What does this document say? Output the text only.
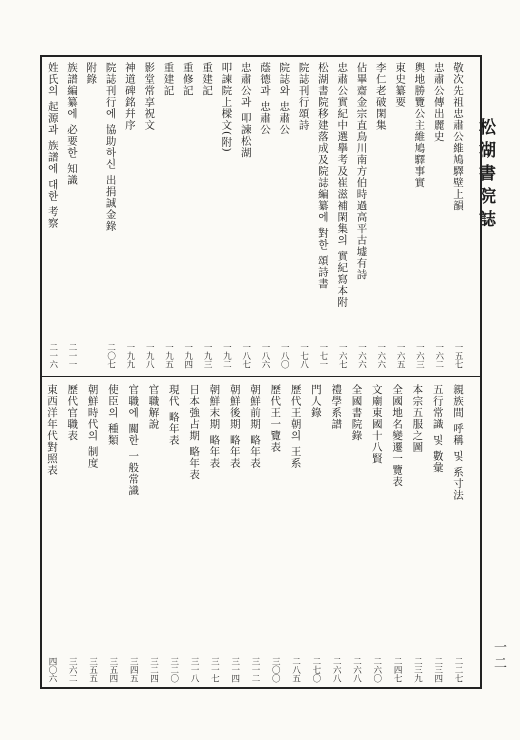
松湖書院誌
敬次先祖忠肅公維鳩驛壁上韻
一五七
忠肅公傳出麗史
一六二
輿地勝覽公主維鳩驛事實
一六三
東史纂要
一六五
李仁老破閑集
一六六
佔畢齋金宗直鳥川南方伯時過高平古墟有詩
一六六
忠肅公實紀中選擧考及崔滋補閑集의 實紀寫本附
一六七
松湖書院移建落成及院誌編纂에 對한 頌詩書
一七一
院誌刊行頌詩
一七八
院誌와 忠肅公
一八〇
蔭德과 忠肅公
一八六
忠肅公과 叩諫松湖
一八七
叩諫院上樑文(附)
一九二
重建記
一九三
重修記
一九四
重建記
一九五
影堂常享祝文
一九八
神道碑銘幷序
一九九
院誌刊行에 協助하신 出捐誠金錄
二〇七
附錄
族譜編纂에 必要한 知識
二一一
姓氏의 起源과 族譜에 대한 考察
二一六
親族間 呼稱 및 系寸法
二二七
五行常識 및 數彙
二三四
本宗五服之圖
二三九
全國地名變遷一覽表
二四七
文廟東國十八賢
二六〇
全國書院錄
二六八
禮學系譜
二六八
門人錄
二七〇
歷代王朝의 王系
二八五
歷代王一覽表
三〇〇
朝鮮前期 略年表
三一二
朝鮮後期 略年表
三一四
朝鮮末期 略年表
三一七
日本強占期 略年表
三一八
現代 略年表
三二〇
官職解說
三二四
官職에 關한 一般常識
三四五
使臣의 種類
三五四
朝鮮時代의 制度
三五五
歷代官職表
三六二
東西洋年代對照表
四〇六	一二
